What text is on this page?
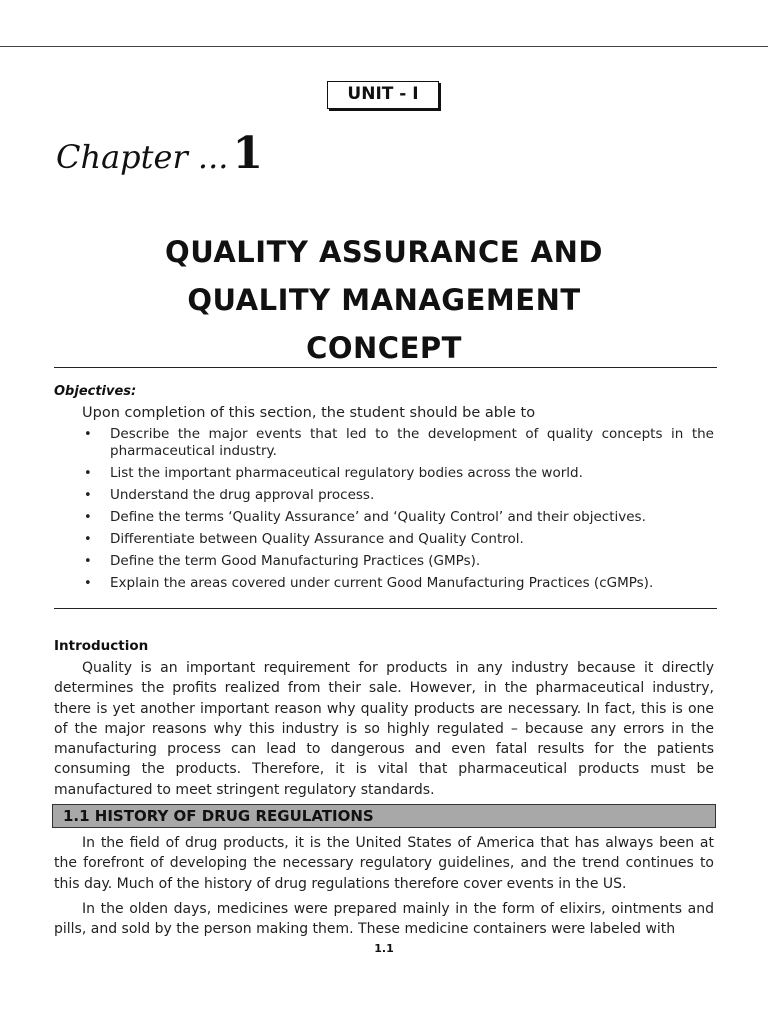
UNIT - I
Chapter ...1
QUALITY ASSURANCE AND
QUALITY MANAGEMENT
CONCEPT
Objectives:
Upon completion of this section, the student should be able to
• Describe the major events that led to the development of quality concepts in the pharmaceutical industry.
• List the important pharmaceutical regulatory bodies across the world.
• Understand the drug approval process.
• Define the terms ‘Quality Assurance’ and ‘Quality Control’ and their objectives.
• Differentiate between Quality Assurance and Quality Control.
• Define the term Good Manufacturing Practices (GMPs).
• Explain the areas covered under current Good Manufacturing Practices (cGMPs).
Introduction
Quality is an important requirement for products in any industry because it directly determines the profits realized from their sale. However, in the pharmaceutical industry, there is yet another important reason why quality products are necessary. In fact, this is one of the major reasons why this industry is so highly regulated – because any errors in the manufacturing process can lead to dangerous and even fatal results for the patients consuming the products. Therefore, it is vital that pharmaceutical products must be manufactured to meet stringent regulatory standards.
1.1 HISTORY OF DRUG REGULATIONS
In the field of drug products, it is the United States of America that has always been at the forefront of developing the necessary regulatory guidelines, and the trend continues to this day. Much of the history of drug regulations therefore cover events in the US.
In the olden days, medicines were prepared mainly in the form of elixirs, ointments and pills, and sold by the person making them. These medicine containers were labeled with
1.1
